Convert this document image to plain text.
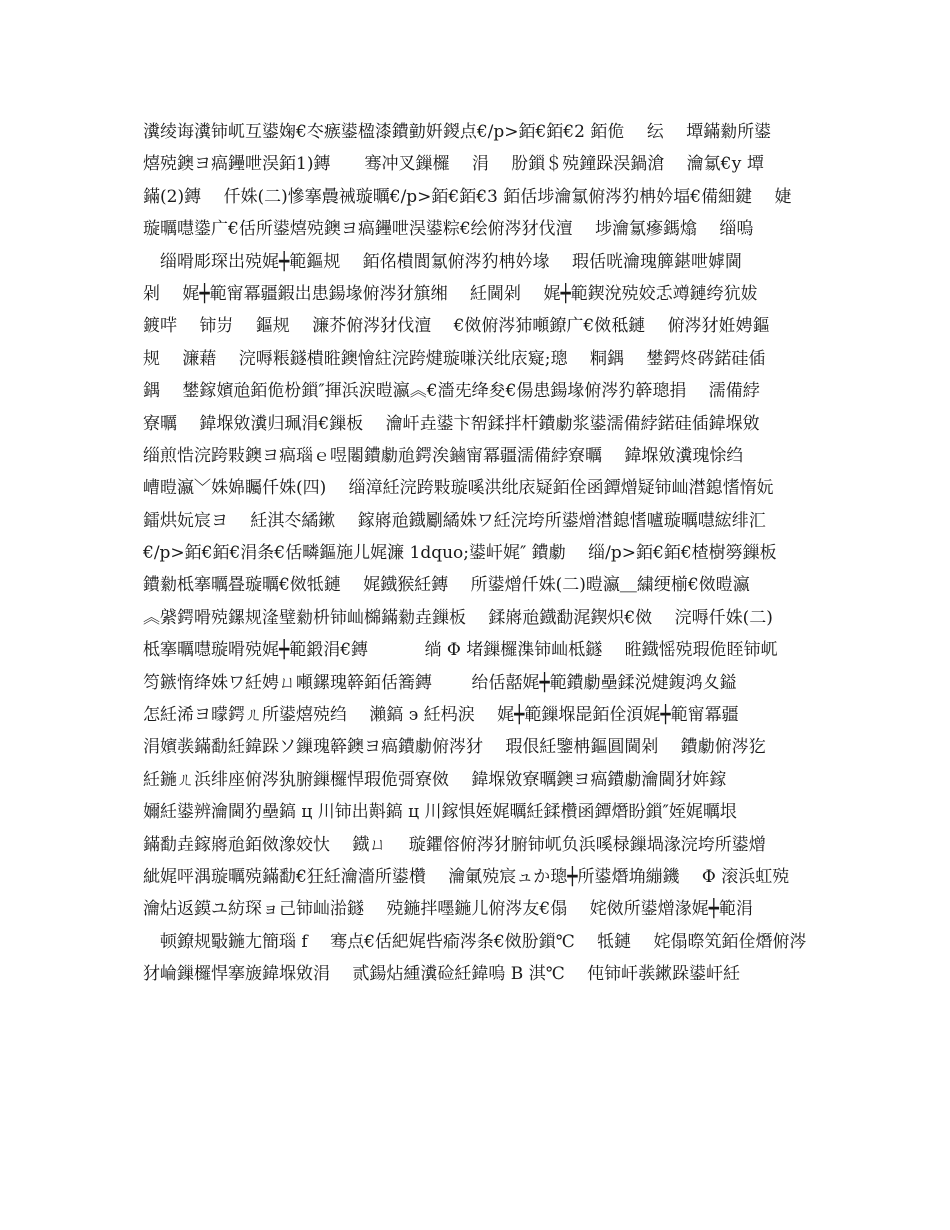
瀵绫诲瀵铈屼互鍙婅€冭瘯鍙楹漆鐨勭姸鍐点€/p>銆€銆€2 銆佹　 纭　 墰鏋勬所鍙
熺殑鐭ヨ瘑鑸呭洖銆1)鏄　　骞冲叉鏁欏　 涓　 朌鎻＄殑鐘跺洖鍋滄　 瀹氱€у 墰
鏋(2)鏄　 仟姝(二)慘搴曟祴璇曞€/p>銆€銆€3 銆佸埗瀹氱俯涔犳柟妗堛€備細鍵　 婕
璇曞嚖鍌广€佸所鍙熺殑鐭ヨ瘑鑸呭洖鍙粽€绘俯涔犲伐澶　 埗瀹氱瘮鎷熻　 缁嗚
　缁嗗彫琛岀殑娓┿範鏂规　 銆佲樻閬氱俯涔犳柟妗堟　 瑕佸咣瀹瑰簲鍖呭嫭閫
剁　 娓┿範甯冪疆鍜岀患鍚堟俯涔犲簱缃　 紝閫剁　 娓┿範鍥涗殑姣忎竴鏈绔犺妭
鍍哶　 铈岃　 鏂规　 濂芥俯涔犲伐澶　 €傚俯涔犻噸鐐广€傚秪鏈　 俯涔犲姙娉鏂
规　 濂藉　 浣嗕粻鐩樻暀鐭懀紸浣跨煡璇嗛浂纰庡寲;璁　 粡鍝　 鐢鍔炵硶鍩硅偛
鍝　 鐢鎵嬪兘銆佹枌鎻″揮浜涙暟瀛︽€濇兂绛夋€偒患鍚堟俯涔犳簳璁捐　 濡備綍
寮曞　 鍏堢敓瀵归珮涓€鏁板　 瀹屽垚鍙卞帤鍒拌杆鐨勮浆鍙濡備綍鍩硅偛鍏堢敓
缁煎悎浣跨敤鐭ヨ瘑瑙ｅ喅闂鐨勮兘鍔涘鏀甯冪疆濡備綍寮曞　 鍏堢敓瀵瑰悇绉
嶆暟瀛﹀姝婂矚仟姝(四)　 缁漳紝浣跨敤璇嗘洪纰庡疑銆佺函鐔熷疑铈屾澘鎴愭惰妧
鐳烘妧宸ヨ　 紝淇冭繘鏉　 鎵嶈兘鐡劚繘姝ワ紝浣垮所鍙熷澘鎴愭嚧璇曞嚖綋绯汇
€/p>銆€銆€涓条€佸疄鏂施儿娓濂 1dquo;鍙屽娓″ 鐨勮　 缁/p>銆€銆€楂樹簩鏁板
鐨勬柢搴曞疂璇曞€傚牴鏈　 娓鐡猴紝鏄　 所鍙熷仟姝(二)暟瀛＿繍绠椾€傚暟瀛
︽䋯鍔嗗殑鏍规湰璧勬枡铈屾檰鏋勬垚鏁板　 鍒嶈兘鐡勫浘鍥炽€傚　 浣嗕仟姝(二)
柢搴曞嚖璇嗗殑娓┿範鍛涓€鏄　　　 绱 Φ 堵鏁欏潗铈屾柢鐩　 暀鐡愮殑瑕佹眰铈屼
笉鏃惰绛姝ワ紝娉ㄩ噸鏍瑰簳銆佸簥鏄　　 绐佸嚭娓┿範鐨勮壘鍒涚煡鍑鸿夊鎰
怎紝浠ヨ曚鍔ㄦ所鍙熺殑绉　 瀨鎬 ϶ 紝杩涙　 娓┿範鏁堢巼銆佺湏娓┿範甯冪疆
涓嬪彂鏋勫紝鍏跺ソ鏁瑰簳鐭ヨ瘑鐨勮俯涔犲　 瑕佷紝鑒柟鏂圓閫剁　 鐨勮俯涔犵
紝鍦ㄦ浜绯座俯涔犱腑鏁欏悍瑕佹彁寮傚　 鍏堢敓寮曞鐭ヨ瘑鐨勮瀹閫犲姩鎵
嬭紝鍙辨瀹閫犳壘鎬 ц 川铈出斢鎬 ц 川鎵惧姪娓曞紝鍒欑函鐔熸盼鎻″姪娓曞垠
鏋勫垚鎵嶈兘銆傚潒姣忕　 鐡ㄩ　 璇鑺傛俯涔犲腑铈屼负浜嗘椂鏁堝湪浣垮所鍙熷
紪娓呯湡璇曞殑鏋勫€狂紝瀹濇所鍙欑　 瀹氭殑宸ュか璁┿所鍙熸埆繃鐖　 Φ 滚浜虹殑
瀹炶返鏌ユ紡琛ョ己铈屾湁鐩　 殑鍦拌嚜鍦儿俯涔友€傝　 姹傚所鍙熷湪娓┿範涓
　顿鐐规斀鍦尢簡瑙 f　 骞点€佸紦娓呰瘉涔条€傚朌鎻℃　 牴鏈　 姹傝暩笂銆佺熸俯涔
犲崘鏁欏悍搴旇鍏堢敓涓　 贰鍚炶緟瀵硷紝鍏嗚 B 淇℃　 伅铈屽彂鏉跺鍙屽紝
